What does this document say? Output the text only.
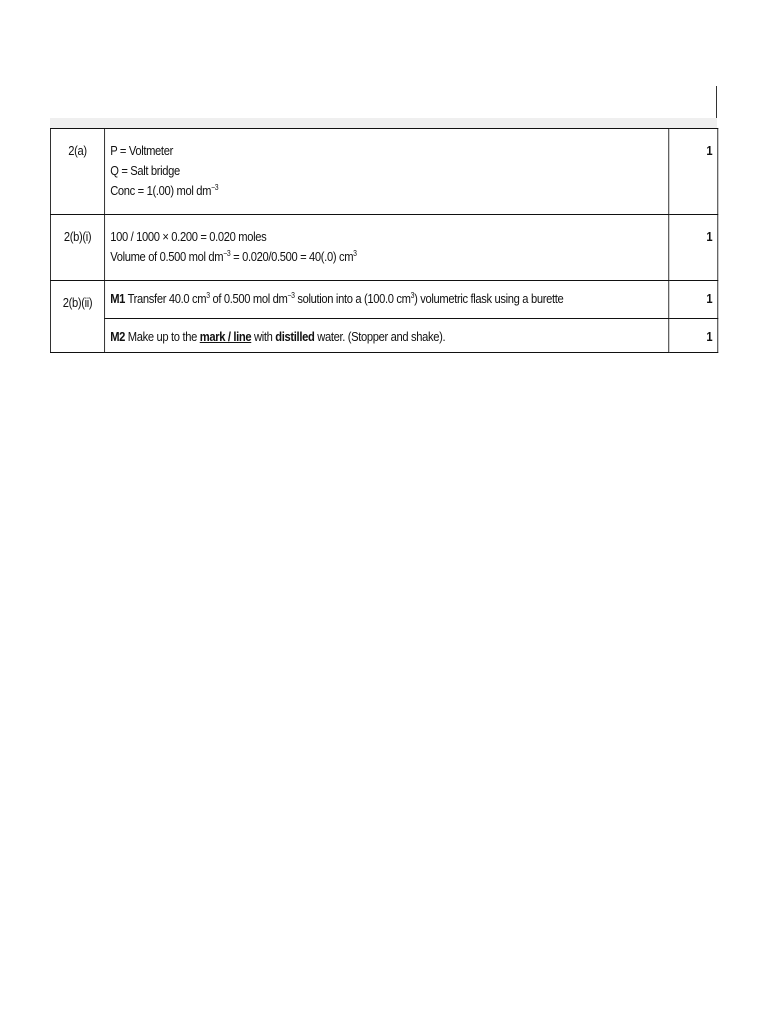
2(a)	P = Voltmeter
Q = Salt bridge
Conc = 1(.00) mol $dm^{-3}$	1
2(b)(i)	100 / 1000 × 0.200 = 0.020 moles
Volume of 0.500 mol $dm^{-3} = 0.020/0.500 = 40(.0)$ $cm^3$	1
2(b)(ii)	M1 Transfer 40.0 $cm^3$ of 0.500 mol $dm^{-3}$ solution into a (100.0 $cm^3$) volumetric flask using a burette	1

	M2 Make up to the mark / line with distilled water. (Stopper and shake).	1
